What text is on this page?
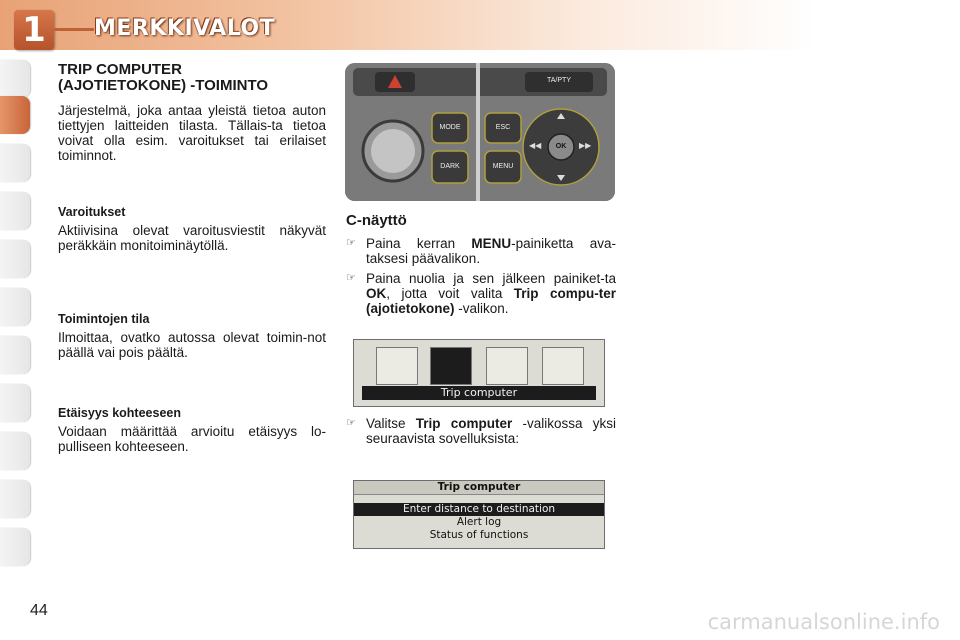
1	MERKKIVALOT
TRIP COMPUTER
(AJOTIETOKONE) -TOIMINTO
Järjestelmä, joka antaa yleistä tietoa auton tiettyjen laitteiden tilasta. Tällais-ta tietoa voivat olla esim. varoitukset tai erilaiset toiminnot.
Varoitukset
Aktiivisina olevat varoitusviestit näkyvät peräkkäin monitoiminäytöllä.
Toimintojen tila
Ilmoittaa, ovatko autossa olevat toimin-not päällä vai pois päältä.
Etäisyys kohteeseen
Voidaan määrittää arvioitu etäisyys lo-pulliseen kohteeseen.
TA/PTY
MODE
DARK
ESC
MENU
OK
◀◀	▶▶
C-näyttö
☞ Paina kerran MENU-painiketta ava-taksesi päävalikon.
☞ Paina nuolia ja sen jälkeen painiket-ta OK, jotta voit valita Trip compu-ter (ajotietokone) -valikon.
Trip computer
☞ Valitse Trip computer -valikossa yksi seuraavista sovelluksista:
Trip computer
Enter distance to destination
Alert log
Status of functions
44	carmanualsonline.info
